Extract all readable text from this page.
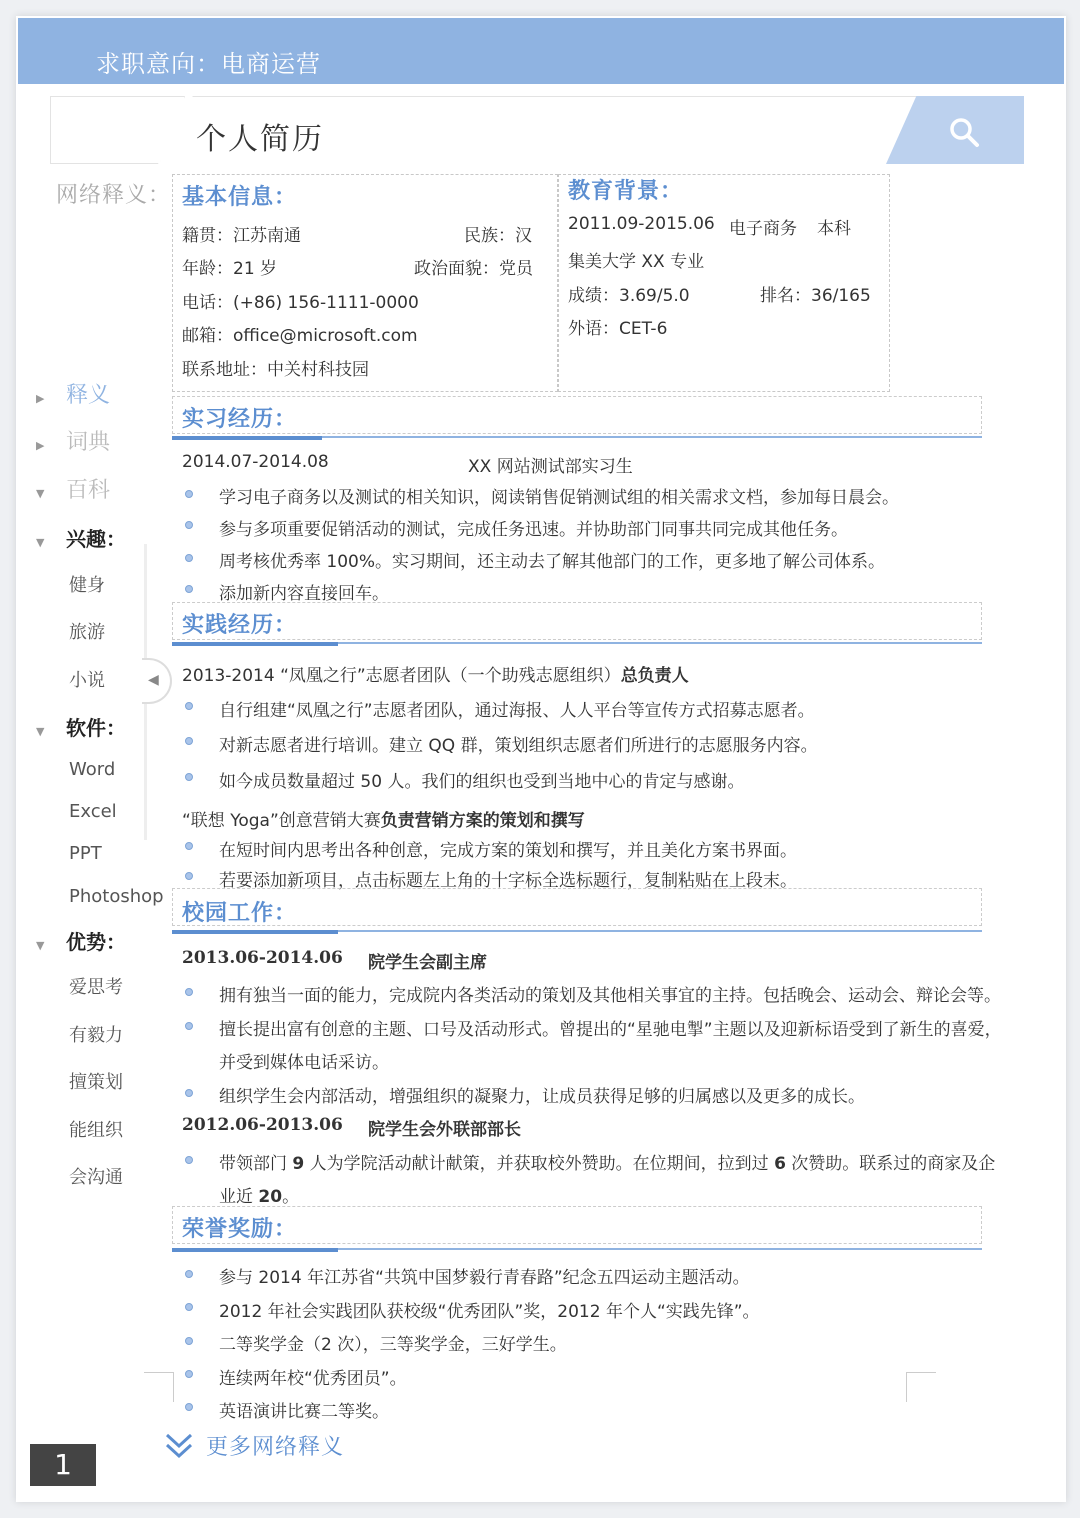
求职意向：电商运营
个人简历
网络释义：
▶ 释义
▶ 词典
▼ 百科
▼ 兴趣：
健身
旅游
小说
▼ 软件：
Word
Excel
PPT
Photoshop
▼ 优势：
爱思考
有毅力
擅策划
能组织
会沟通
◀
基本信息：
籍贯：江苏南通	民族：汉
年龄：21 岁	政治面貌：党员
电话：(+86) 156-1111-0000
邮箱：office@microsoft.com
联系地址：中关村科技园
教育背景：
2011.09-2015.06 电子商务 本科
集美大学 XX 专业
成绩：3.69/5.0	排名：36/165
外语：CET-6
实习经历：
2014.07-2014.08	XX 网站测试部实习生
学习电子商务以及测试的相关知识，阅读销售促销测试组的相关需求文档，参加每日晨会。
参与多项重要促销活动的测试，完成任务迅速。并协助部门同事共同完成其他任务。
周考核优秀率 100%。实习期间，还主动去了解其他部门的工作，更多地了解公司体系。
添加新内容直接回车。
实践经历：
2013-2014 “凤凰之行”志愿者团队（一个助残志愿组织）总负责人
自行组建“凤凰之行”志愿者团队，通过海报、人人平台等宣传方式招募志愿者。
对新志愿者进行培训。建立 QQ 群，策划组织志愿者们所进行的志愿服务内容。
如今成员数量超过 50 人。我们的组织也受到当地中心的肯定与感谢。
“联想 Yoga”创意营销大赛负责营销方案的策划和撰写
在短时间内思考出各种创意，完成方案的策划和撰写，并且美化方案书界面。
若要添加新项目，点击标题左上角的十字标全选标题行，复制粘贴在上段末。
校园工作：
2013.06-2014.06 院学生会副主席
拥有独当一面的能力，完成院内各类活动的策划及其他相关事宜的主持。包括晚会、运动会、辩论会等。
擅长提出富有创意的主题、口号及活动形式。曾提出的“星驰电掣”主题以及迎新标语受到了新生的喜爱，
并受到媒体电话采访。
组织学生会内部活动，增强组织的凝聚力，让成员获得足够的归属感以及更多的成长。
2012.06-2013.06 院学生会外联部部长
带领部门 9 人为学院活动献计献策，并获取校外赞助。在位期间，拉到过 6 次赞助。联系过的商家及企
业近 20。
荣誉奖励：
参与 2014 年江苏省“共筑中国梦毅行青春路”纪念五四运动主题活动。
2012 年社会实践团队获校级“优秀团队”奖，2012 年个人“实践先锋”。
二等奖学金（2 次），三等奖学金，三好学生。
连续两年校“优秀团员”。
英语演讲比赛二等奖。
更多网络释义
1
